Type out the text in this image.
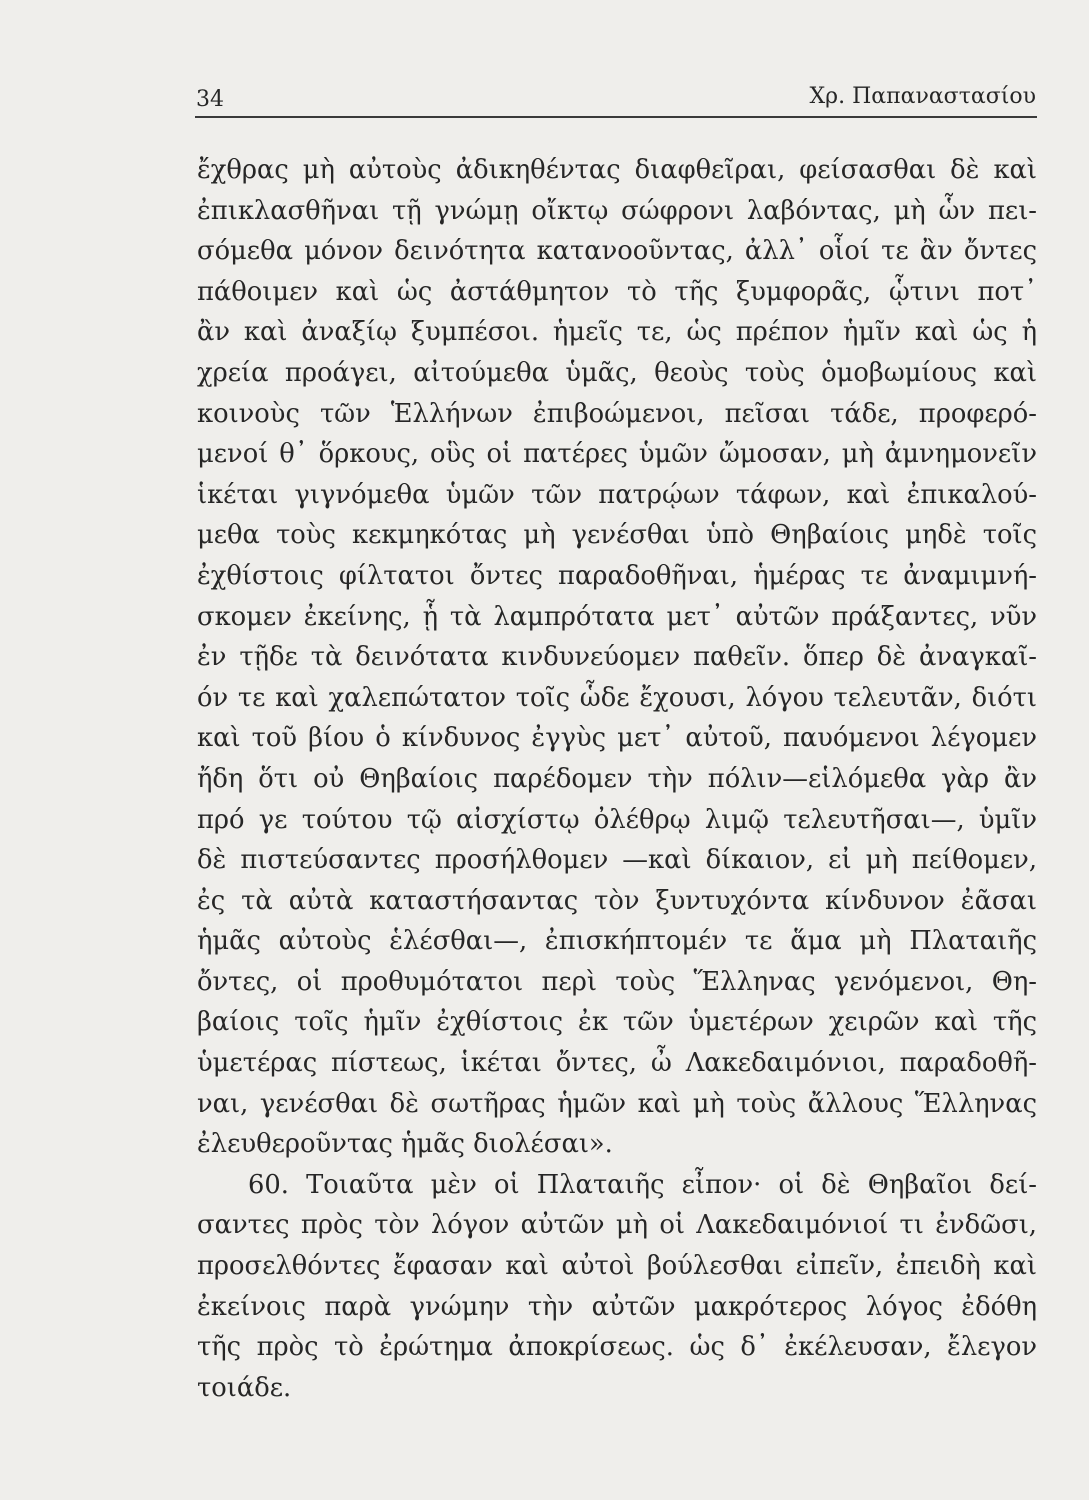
34	Χρ. Παπαναστασίου
ἔχθρας μὴ αὐτοὺς ἀδικηθέντας διαφθεῖραι, φείσασθαι δὲ καὶ
ἐπικλασθῆναι τῇ γνώμῃ οἴκτῳ σώφρονι λαβόντας, μὴ ὧν πει-
σόμεθα μόνον δεινότητα κατανοοῦντας, ἀλλ᾽ οἷοί τε ἂν ὄντες
πάθοιμεν καὶ ὡς ἀστάθμητον τὸ τῆς ξυμφορᾶς, ᾧτινι ποτ᾽
ἂν καὶ ἀναξίῳ ξυμπέσοι. ἡμεῖς τε, ὡς πρέπον ἡμῖν καὶ ὡς ἡ
χρεία προάγει, αἰτούμεθα ὑμᾶς, θεοὺς τοὺς ὁμοβωμίους καὶ
κοινοὺς τῶν Ἑλλήνων ἐπιβοώμενοι, πεῖσαι τάδε, προφερό-
μενοί θ᾽ ὅρκους, οὓς οἱ πατέρες ὑμῶν ὤμοσαν, μὴ ἀμνημονεῖν
ἱκέται γιγνόμεθα ὑμῶν τῶν πατρῴων τάφων, καὶ ἐπικαλού-
μεθα τοὺς κεκμηκότας μὴ γενέσθαι ὑπὸ Θηβαίοις μηδὲ τοῖς
ἐχθίστοις φίλτατοι ὄντες παραδοθῆναι, ἡμέρας τε ἀναμιμνή-
σκομεν ἐκείνης, ᾗ τὰ λαμπρότατα μετ᾽ αὐτῶν πράξαντες, νῦν
ἐν τῇδε τὰ δεινότατα κινδυνεύομεν παθεῖν. ὅπερ δὲ ἀναγκαῖ-
όν τε καὶ χαλεπώτατον τοῖς ὧδε ἔχουσι, λόγου τελευτᾶν, διότι
καὶ τοῦ βίου ὁ κίνδυνος ἐγγὺς μετ᾽ αὐτοῦ, παυόμενοι λέγομεν
ἤδη ὅτι οὐ Θηβαίοις παρέδομεν τὴν πόλιν—εἱλόμεθα γὰρ ἂν
πρό γε τούτου τῷ αἰσχίστῳ ὀλέθρῳ λιμῷ τελευτῆσαι—, ὑμῖν
δὲ πιστεύσαντες προσήλθομεν —καὶ δίκαιον, εἰ μὴ πείθομεν,
ἐς τὰ αὐτὰ καταστήσαντας τὸν ξυντυχόντα κίνδυνον ἐᾶσαι
ἡμᾶς αὐτοὺς ἑλέσθαι—, ἐπισκήπτομέν τε ἅμα μὴ Πλαταιῆς
ὄντες, οἱ προθυμότατοι περὶ τοὺς Ἕλληνας γενόμενοι, Θη-
βαίοις τοῖς ἡμῖν ἐχθίστοις ἐκ τῶν ὑμετέρων χειρῶν καὶ τῆς
ὑμετέρας πίστεως, ἱκέται ὄντες, ὦ Λακεδαιμόνιοι, παραδοθῆ-
ναι, γενέσθαι δὲ σωτῆρας ἡμῶν καὶ μὴ τοὺς ἄλλους Ἕλληνας
ἐλευθεροῦντας ἡμᾶς διολέσαι».
60. Τοιαῦτα μὲν οἱ Πλαταιῆς εἶπον· οἱ δὲ Θηβαῖοι δεί-
σαντες πρὸς τὸν λόγον αὐτῶν μὴ οἱ Λακεδαιμόνιοί τι ἐνδῶσι,
προσελθόντες ἔφασαν καὶ αὐτοὶ βούλεσθαι εἰπεῖν, ἐπειδὴ καὶ
ἐκείνοις παρὰ γνώμην τὴν αὐτῶν μακρότερος λόγος ἐδόθη
τῆς πρὸς τὸ ἐρώτημα ἀποκρίσεως. ὡς δ᾽ ἐκέλευσαν, ἔλεγον
τοιάδε.
